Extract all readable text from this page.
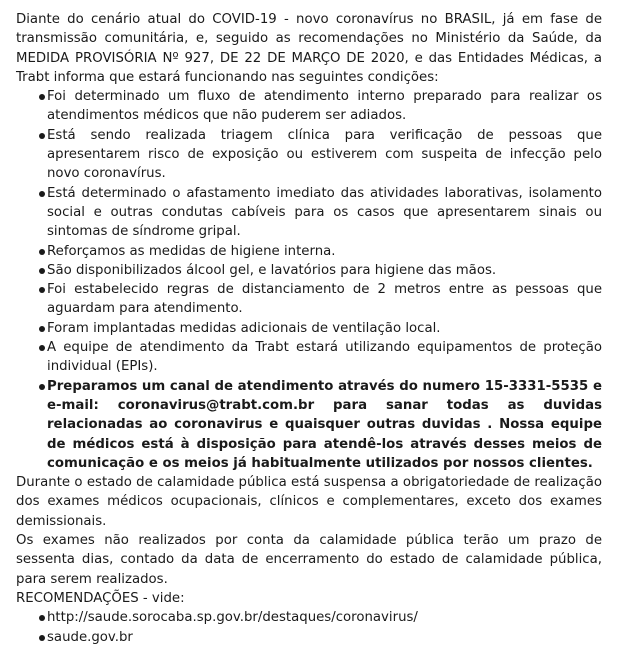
Diante do cenário atual do COVID-19 - novo coronavírus no BRASIL, já em fase de transmissão comunitária, e, seguido as recomendações no Ministério da Saúde, da MEDIDA PROVISÓRIA Nº 927, DE 22 DE MARÇO DE 2020, e das Entidades Médicas, a Trabt informa que estará funcionando nas seguintes condições:

Foi determinado um fluxo de atendimento interno preparado para realizar os atendimentos médicos que não puderem ser adiados.
Está sendo realizada triagem clínica para verificação de pessoas que apresentarem risco de exposição ou estiverem com suspeita de infecção pelo novo coronavírus.
Está determinado o afastamento imediato das atividades laborativas, isolamento social e outras condutas cabíveis para os casos que apresentarem sinais ou sintomas de síndrome gripal.
Reforçamos as medidas de higiene interna.
São disponibilizados álcool gel, e lavatórios para higiene das mãos.
Foi estabelecido regras de distanciamento de 2 metros entre as pessoas que aguardam para atendimento.
Foram implantadas medidas adicionais de ventilação local.
A equipe de atendimento da Trabt estará utilizando equipamentos de proteção individual (EPIs).
Preparamos um canal de atendimento através do numero 15-3331-5535 e e-mail: coronavirus@trabt.com.br para sanar todas as duvidas relacionadas ao coronavirus e quaisquer outras duvidas . Nossa equipe de médicos está à disposição para atendê-los através desses meios de comunicação e os meios já habitualmente utilizados por nossos clientes.

Durante o estado de calamidade pública está suspensa a obrigatoriedade de realização dos exames médicos ocupacionais, clínicos e complementares, exceto dos exames demissionais.

Os exames não realizados por conta da calamidade pública terão um prazo de sessenta dias, contado da data de encerramento do estado de calamidade pública, para serem realizados.

RECOMENDAÇÕES - vide:

http://saude.sorocaba.sp.gov.br/destaques/coronavirus/
saude.gov.br
